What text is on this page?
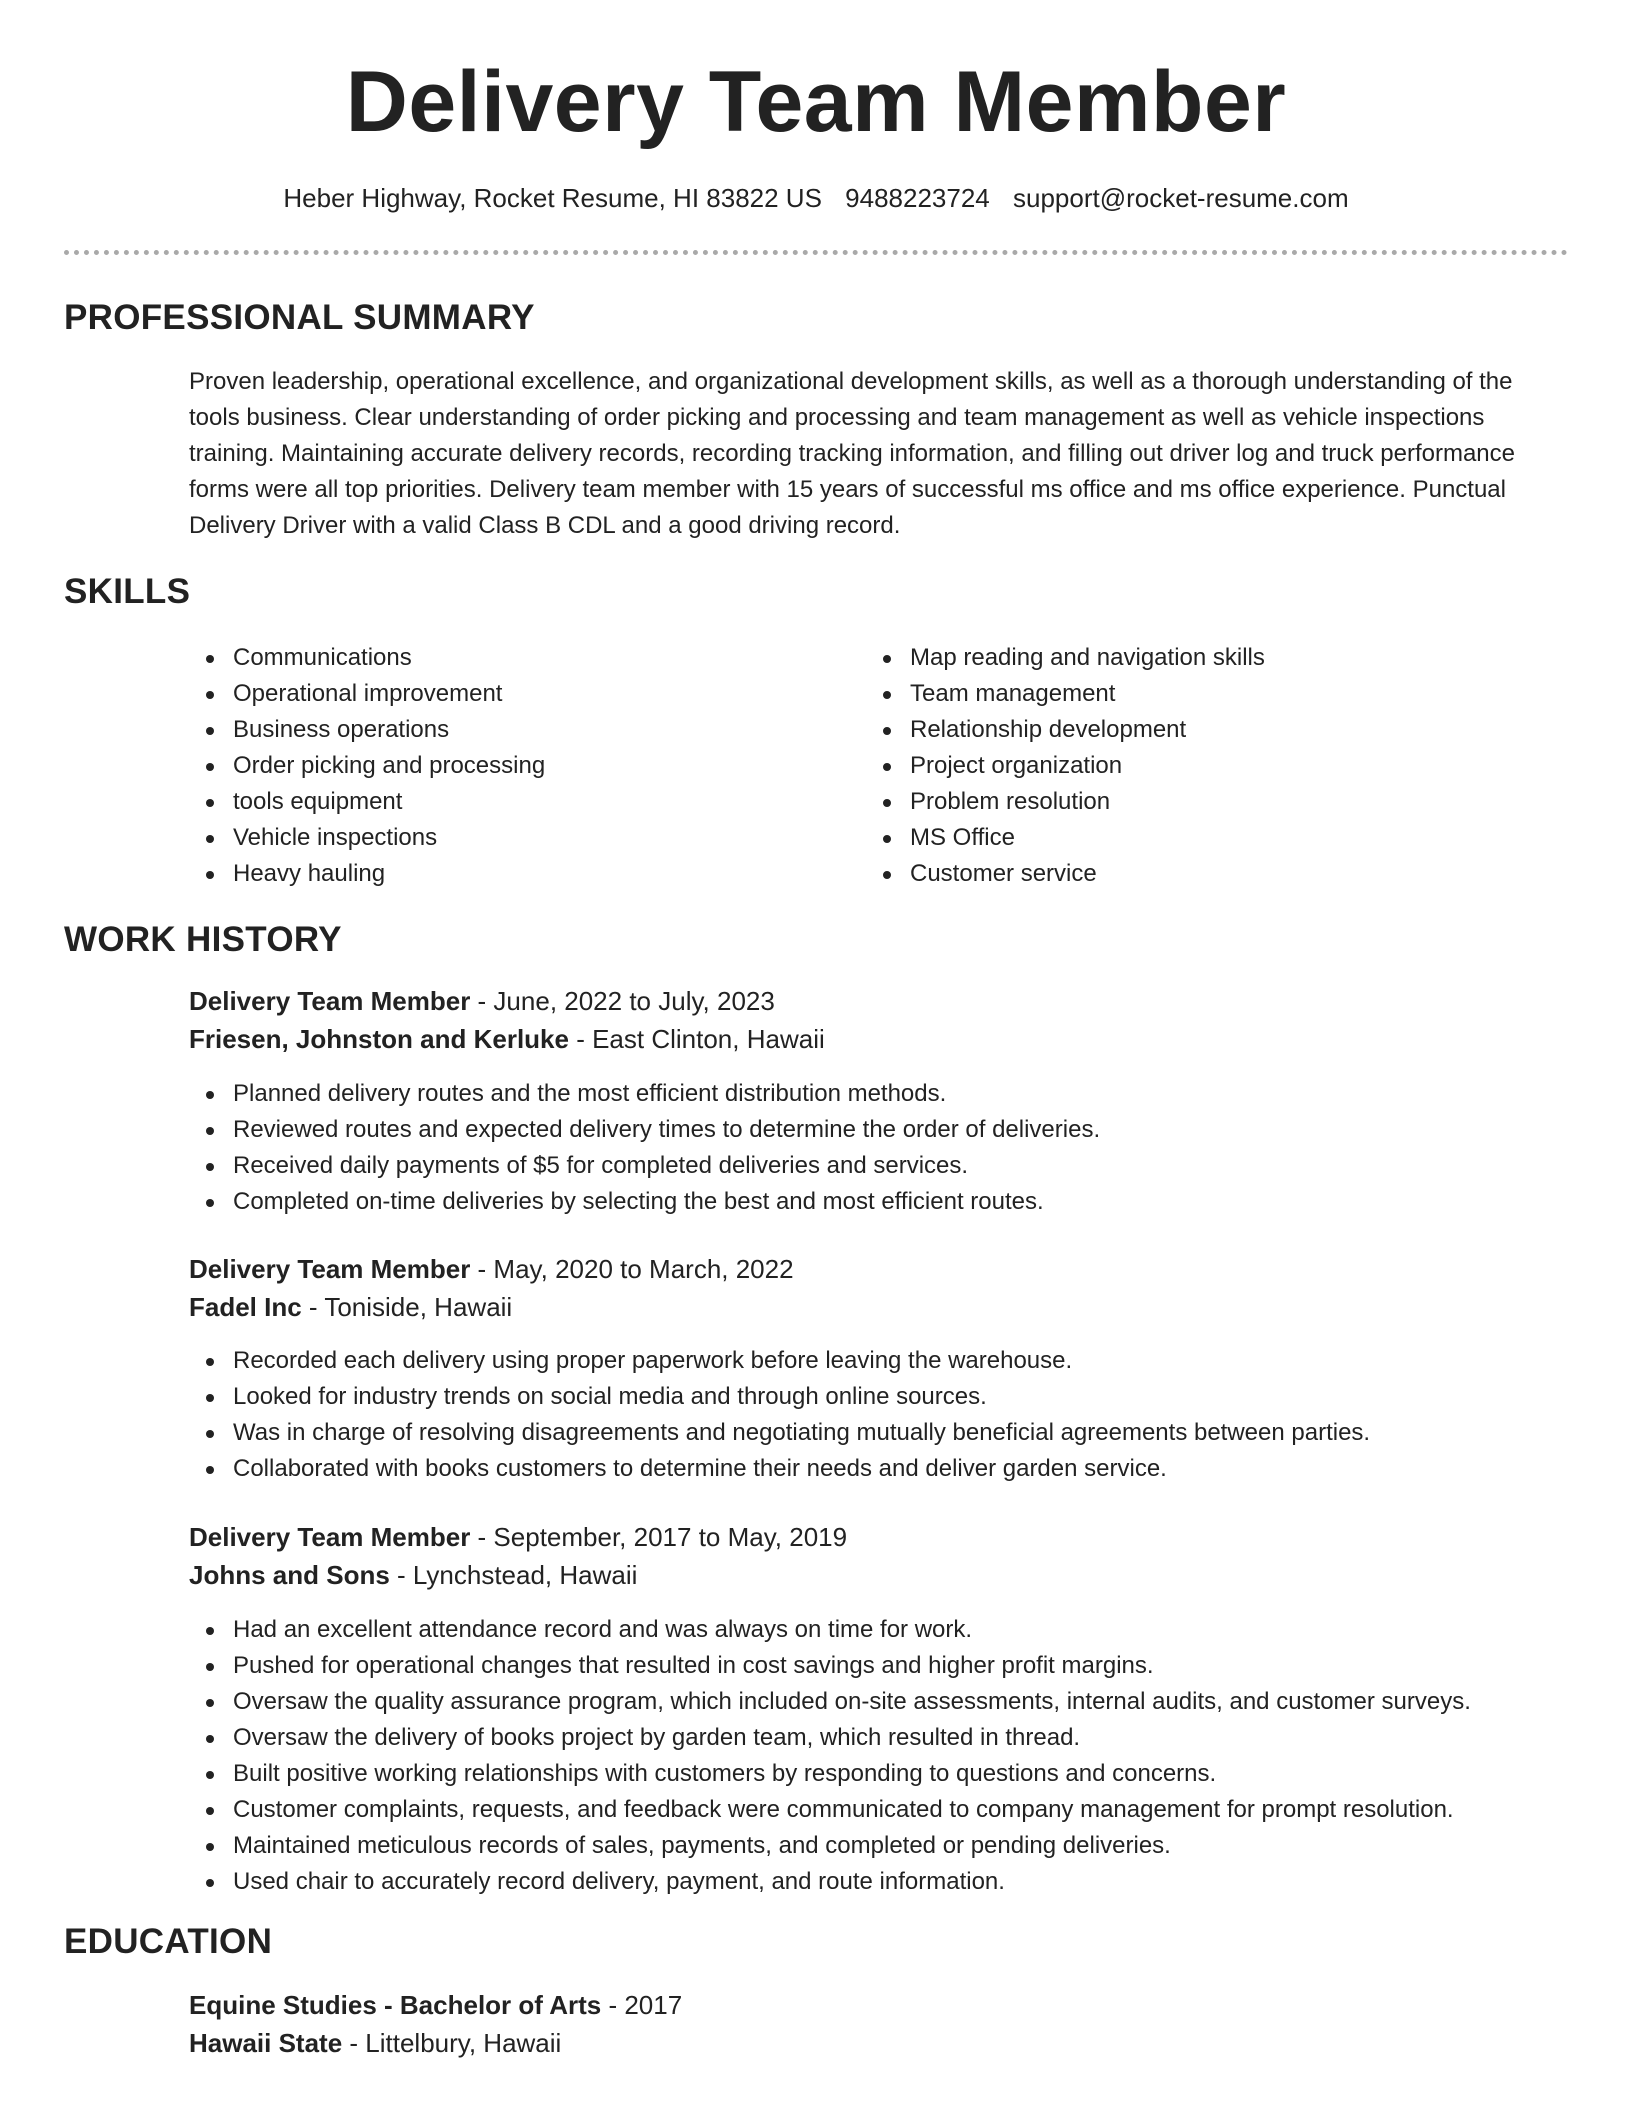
Delivery Team Member
Heber Highway, Rocket Resume, HI 83822 US 9488223724 support@rocket-resume.com
PROFESSIONAL SUMMARY

Proven leadership, operational excellence, and organizational development skills, as well as a thorough understanding of the tools business. Clear understanding of order picking and processing and team management as well as vehicle inspections training. Maintaining accurate delivery records, recording tracking information, and filling out driver log and truck performance forms were all top priorities. Delivery team member with 15 years of successful ms office and ms office experience. Punctual Delivery Driver with a valid Class B CDL and a good driving record.

SKILLS
Communications
Operational improvement
Business operations
Order picking and processing
tools equipment
Vehicle inspections
Heavy hauling
Map reading and navigation skills
Team management
Relationship development
Project organization
Problem resolution
MS Office
Customer service
WORK HISTORY
Delivery Team Member - June, 2022 to July, 2023
Friesen, Johnston and Kerluke - East Clinton, Hawaii
Planned delivery routes and the most efficient distribution methods.
Reviewed routes and expected delivery times to determine the order of deliveries.
Received daily payments of $5 for completed deliveries and services.
Completed on-time deliveries by selecting the best and most efficient routes.
Delivery Team Member - May, 2020 to March, 2022
Fadel Inc - Toniside, Hawaii
Recorded each delivery using proper paperwork before leaving the warehouse.
Looked for industry trends on social media and through online sources.
Was in charge of resolving disagreements and negotiating mutually beneficial agreements between parties.
Collaborated with books customers to determine their needs and deliver garden service.
Delivery Team Member - September, 2017 to May, 2019
Johns and Sons - Lynchstead, Hawaii
Had an excellent attendance record and was always on time for work.
Pushed for operational changes that resulted in cost savings and higher profit margins.
Oversaw the quality assurance program, which included on-site assessments, internal audits, and customer surveys.
Oversaw the delivery of books project by garden team, which resulted in thread.
Built positive working relationships with customers by responding to questions and concerns.
Customer complaints, requests, and feedback were communicated to company management for prompt resolution.
Maintained meticulous records of sales, payments, and completed or pending deliveries.
Used chair to accurately record delivery, payment, and route information.
EDUCATION
Equine Studies - Bachelor of Arts - 2017
Hawaii State - Littelbury, Hawaii
